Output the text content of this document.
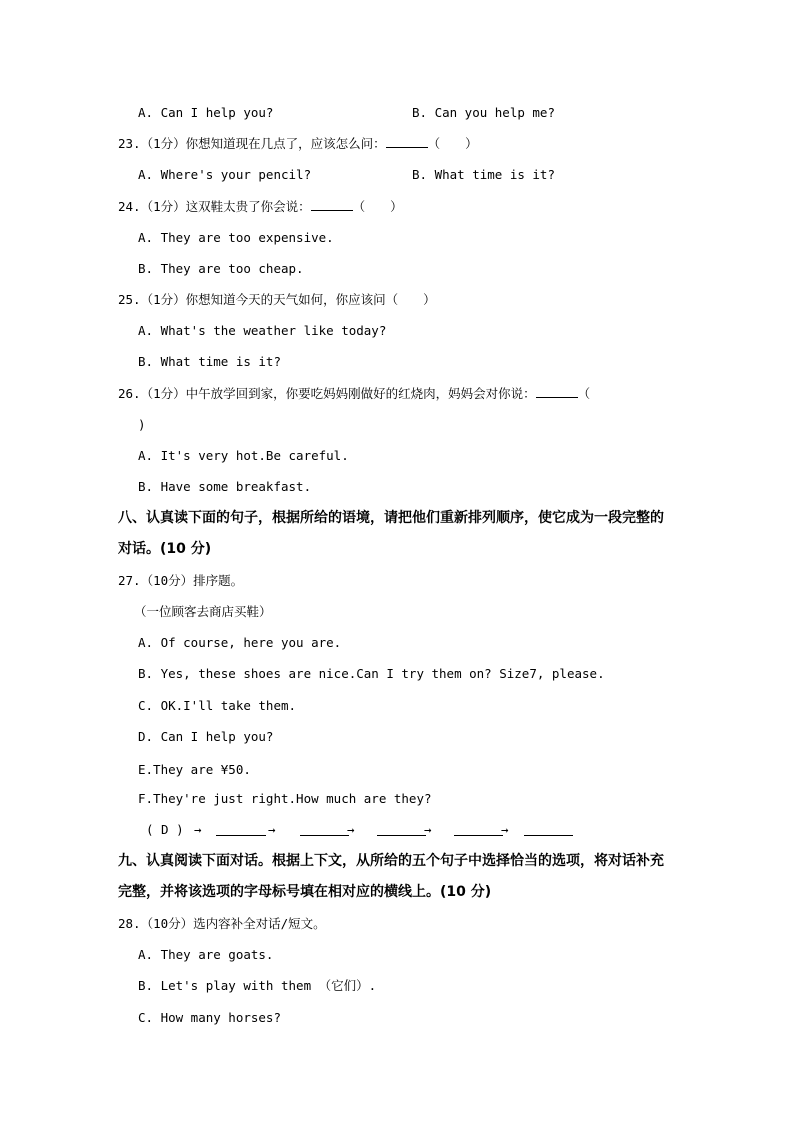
A. Can I help you?	B. Can you help me?
23.（1分）你想知道现在几点了，应该怎么问：	（　　）
A. Where's your pencil?	B. What time is it?
24.（1分）这双鞋太贵了你会说：	（　　）
A. They are too expensive.
B. They are too cheap.
25.（1分）你想知道今天的天气如何，你应该问（　　）
A. What's the weather like today?
B. What time is it?
26.（1分）中午放学回到家，你要吃妈妈刚做好的红烧肉，妈妈会对你说：	（
)
A. It's very hot.Be careful.
B. Have some breakfast.
八、认真读下面的句子，根据所给的语境，请把他们重新排列顺序，使它成为一段完整的
对话。(10 分)
27.（10分）排序题。
（一位顾客去商店买鞋）
A. Of course, here you are.
B. Yes, these shoes are nice.Can I try them on? Size7, please.
C. OK.I'll take them.
D. Can I help you?
E.They are ¥50.
F.They're just right.How much are they?
( D ) →	→	→	→	→
九、认真阅读下面对话。根据上下文，从所给的五个句子中选择恰当的选项，将对话补充
完整，并将该选项的字母标号填在相对应的横线上。(10 分)
28.（10分）选内容补全对话/短文。
A. They are goats.
B. Let's play with them （它们）.
C. How many horses?
